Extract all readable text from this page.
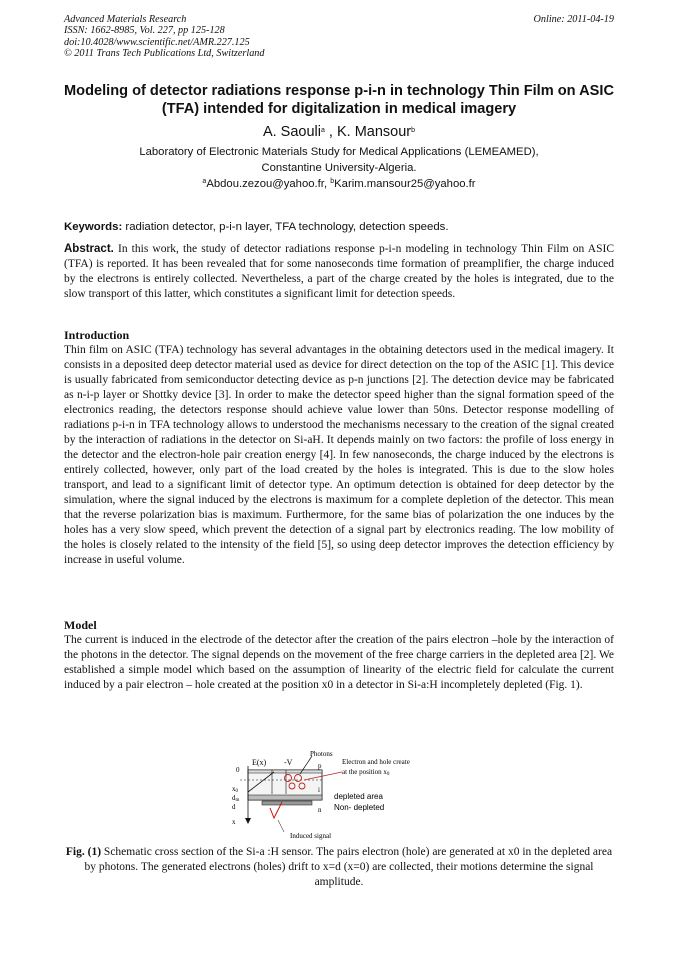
Advanced Materials Research
ISSN: 1662-8985, Vol. 227, pp 125-128
doi:10.4028/www.scientific.net/AMR.227.125
© 2011 Trans Tech Publications Ltd, Switzerland
Online: 2011-04-19
Modeling of detector radiations response p-i-n in technology Thin Film on ASIC (TFA) intended for digitalization in medical imagery
A. Saouli$^a$ , K. Mansour$^b$
Laboratory of Electronic Materials Study for Medical Applications (LEMEAMED),
Constantine University-Algeria.
$^a$Abdou.zezou@yahoo.fr, $^b$Karim.mansour25@yahoo.fr
Keywords: radiation detector, p-i-n layer, TFA technology, detection speeds.
Abstract. In this work, the study of detector radiations response p-i-n modeling in technology Thin Film on ASIC (TFA) is reported. It has been revealed that for some nanoseconds time formation of preamplifier, the charge induced by the electrons is entirely collected. Nevertheless, a part of the charge created by the holes is integrated, due to the slow transport of this latter, which constitutes a significant limit for detection speeds.
Introduction
Thin film on ASIC (TFA) technology has several advantages in the obtaining detectors used in the medical imagery. It consists in a deposited deep detector material used as device for direct detection on the top of the ASIC [1]. This device is usually fabricated from semiconductor detecting device as p-n junctions [2]. The detection device may be fabricated as n-i-p layer or Shottky device [3]. In order to make the detector speed higher than the signal formation speed of the electronics reading, the detectors response should achieve value lower than 50ns. Detector response modelling of radiations p-i-n in TFA technology allows to understood the mechanisms necessary to the creation of the signal created by the interaction of radiations in the detector on Si-aH. It depends mainly on two factors: the profile of loss energy in the detector and the electron-hole pair creation energy [4]. In few nanoseconds, the charge induced by the electrons is entirely collected, however, only part of the load created by the holes is integrated. This is due to the slow holes transport, and lead to a significant limit of detector type. An optimum detection is obtained for deep detector by the simulation, where the signal induced by the electrons is maximum for a complete depletion of the detector. This mean that the reverse polarization bias is maximum. Furthermore, for the same bias of polarization the one induces by the holes has a very slow speed, which prevent the detection of a signal part by electronics reading. The low mobility of the holes is closely related to the intensity of the field [5], so using deep detector improves the detection efficiency by increase in useful volume.
Model
The current is induced in the electrode of the detector after the creation of the pairs electron –hole by the interaction of the photons in the detector. The signal depends on the movement of the free charge carriers in the depleted area [2]. We established a simple model which based on the assumption of linearity of the electric field for calculate the current induced by a pair electron – hole created at the position x0 in a detector in Si-a:H incompletely depleted (Fig. 1).
E(x) -V
Photons
p
i
n
0
x0
dm
d
x
Electron and hole create
at the position x0
depleted area
Non- depleted
Induced signal
Fig. (1) Schematic cross section of the Si-a :H sensor. The pairs electron (hole) are generated at x0 in the depleted area by photons. The generated electrons (holes) drift to x=d (x=0) are collected, their motions determine the signal amplitude.
